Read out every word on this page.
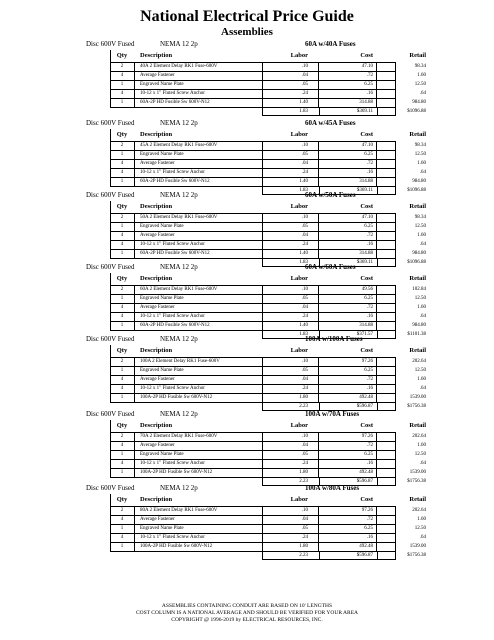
National Electrical Price Guide
Assemblies
Disc 600V Fused	NEMA 12 2p	60A w/40A Fuses
Qty Description	Labor	Cost	Retail
2	40A 2 Element Delay RK1 Fuse-600V	.10	47.10	98.34
4	Average Fastener	.04	.72	1.60
1	Engraved Name Plate	.05	6.25	12.50
4	10-12 x 1" Fluted Screw Anchor	.24	.16	.64
1	60A-2P HD Fusible Sw 600V-N12	1.40	314.88	984.80
1.83	$369.11	$1096.88
Disc 600V Fused	NEMA 12 2p	60A w/45A Fuses
Qty Description	Labor	Cost	Retail
2	45A 2 Element Delay RK1 Fuse-600V	.10	47.10	98.34
1	Engraved Name Plate	.05	6.25	12.50
4	Average Fastener	.04	.72	1.60
4	10-12 x 1" Fluted Screw Anchor	.24	.16	.64
1	60A-2P HD Fusible Sw 600V-N12	1.40	314.88	984.80
1.83	$369.11	$1096.88
Disc 600V Fused	NEMA 12 2p	60A w/50A Fuses
Qty Description	Labor	Cost	Retail
2	50A 2 Element Delay RK1 Fuse-600V	.10	47.10	98.34
1	Engraved Name Plate	.05	6.25	12.50
4	Average Fastener	.04	.72	1.60
4	10-12 x 1" Fluted Screw Anchor	.24	.16	.64
1	60A-2P HD Fusible Sw 600V-N12	1.40	314.88	984.80
1.83	$369.11	$1096.88
Disc 600V Fused	NEMA 12 2p	60A w/60A Fuses
Qty Description	Labor	Cost	Retail
2	60A 2 Element Delay RK1 Fuse-600V	.10	49.56	102.84
1	Engraved Name Plate	.05	6.25	12.50
4	Average Fastener	.04	.72	1.60
4	10-12 x 1" Fluted Screw Anchor	.24	.16	.64
1	60A-2P HD Fusible Sw 600V-N12	1.40	314.88	984.80
1.83	$371.57	$1101.38
Disc 600V Fused	NEMA 12 2p	100A w/100A Fuses
Qty Description	Labor	Cost	Retail
2	100A 2 Element Delay RK1 Fuse-600V	.10	97.26	202.64
1	Engraved Name Plate	.05	6.25	12.50
4	Average Fastener	.04	.72	1.60
4	10-12 x 1" Fluted Screw Anchor	.24	.16	.64
1	100A-2P HD Fusible Sw 600V-N12	1.80	492.48	1539.00
2.23	$596.87	$1756.38
Disc 600V Fused	NEMA 12 2p	100A w/70A Fuses
Qty Description	Labor	Cost	Retail
2	70A 2 Element Delay RK1 Fuse-600V	.10	97.26	202.64
4	Average Fastener	.04	.72	1.60
1	Engraved Name Plate	.05	6.25	12.50
4	10-12 x 1" Fluted Screw Anchor	.24	.16	.64
1	100A-2P HD Fusible Sw 600V-N12	1.80	492.48	1539.00
2.23	$596.87	$1756.38
Disc 600V Fused	NEMA 12 2p	100A w/80A Fuses
Qty Description	Labor	Cost	Retail
2	80A 2 Element Delay RK1 Fuse-600V	.10	97.26	202.64
4	Average Fastener	.04	.72	1.60
1	Engraved Name Plate	.05	6.25	12.50
4	10-12 x 1" Fluted Screw Anchor	.24	.16	.64
1	100A-2P HD Fusible Sw 600V-N12	1.80	492.48	1539.00
2.23	$596.87	$1756.38
ASSEMBLIES CONTAINING CONDUIT ARE BASED ON 10' LENGTHS
COST COLUMN IS A NATIONAL AVERAGE AND SHOULD BE VERIFIED FOR YOUR AREA
COPYRIGHT @ 1996-2019 by ELECTRICAL RESOURCES, INC.
